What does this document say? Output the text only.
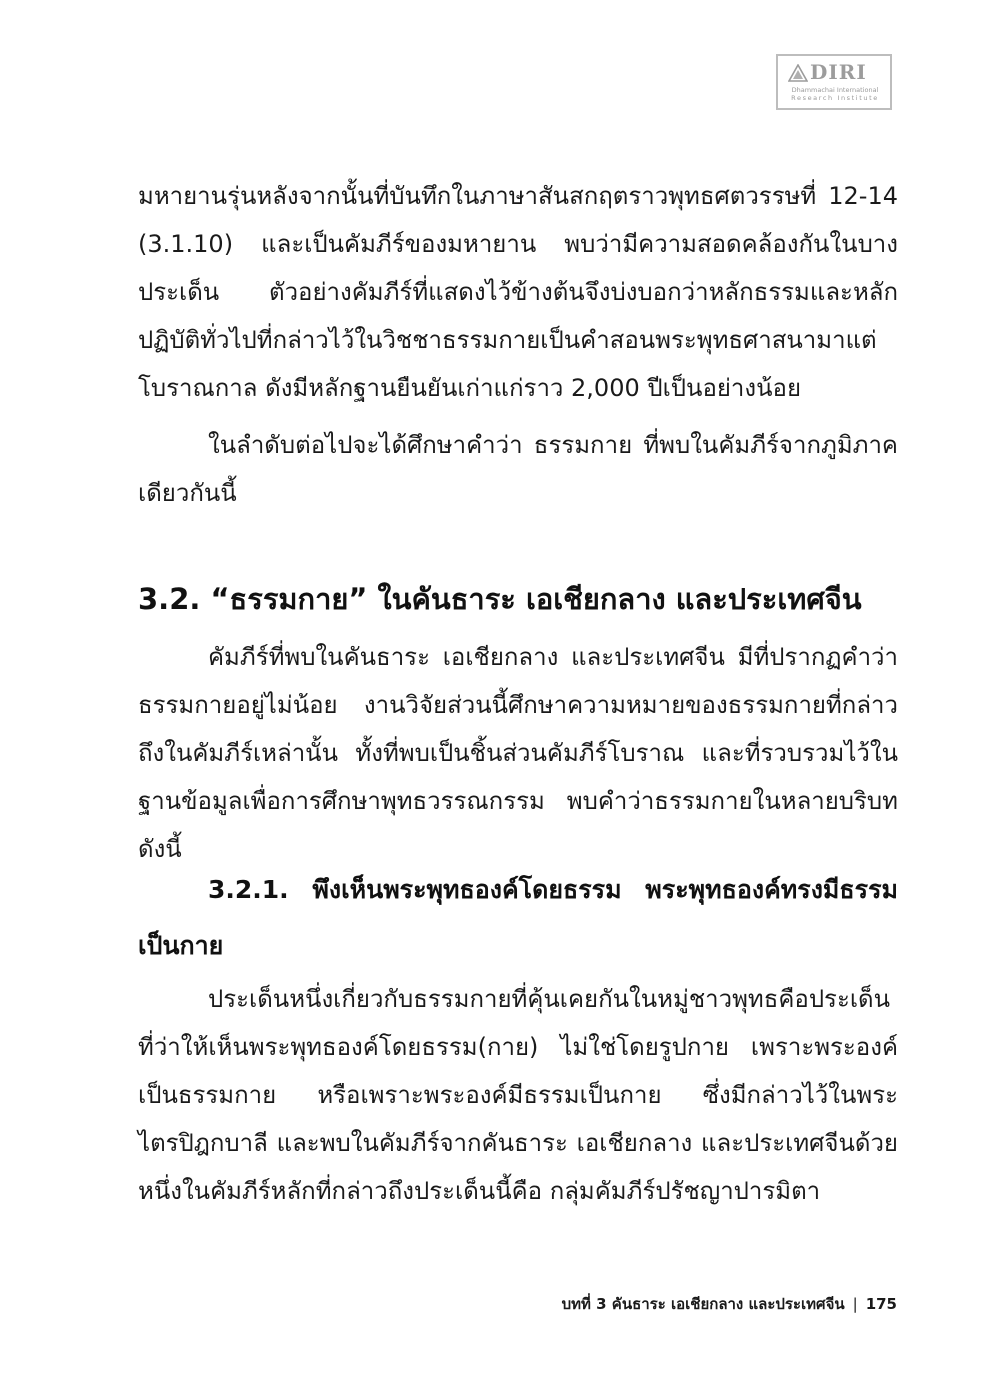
DIRI
Dhammachai International
Research Institute
มหายานรุ่นหลังจากนั้นที่บันทึกในภาษาสันสกฤตราวพุทธศตวรรษที่ 12-14 (3.1.10) และเป็นคัมภีร์ของมหายาน พบว่ามีความสอดคล้องกันในบางประเด็น ตัวอย่างคัมภีร์ที่แสดงไว้ข้างต้นจึงบ่งบอกว่าหลักธรรมและหลักปฏิบัติทั่วไปที่กล่าวไว้ในวิชชาธรรมกายเป็นคำสอนพระพุทธศาสนามาแต่โบราณกาล ดังมีหลักฐานยืนยันเก่าแก่ราว 2,000 ปีเป็นอย่างน้อย
ในลำดับต่อไปจะได้ศึกษาคำว่า ธรรมกาย ที่พบในคัมภีร์จากภูมิภาคเดียวกันนี้
3.2. “ธรรมกาย” ในคันธาระ เอเชียกลาง และประเทศจีน
คัมภีร์ที่พบในคันธาระ เอเชียกลาง และประเทศจีน มีที่ปรากฏคำว่าธรรมกายอยู่ไม่น้อย งานวิจัยส่วนนี้ศึกษาความหมายของธรรมกายที่กล่าวถึงในคัมภีร์เหล่านั้น ทั้งที่พบเป็นชิ้นส่วนคัมภีร์โบราณ และที่รวบรวมไว้ในฐานข้อมูลเพื่อการศึกษาพุทธวรรณกรรม พบคำว่าธรรมกายในหลายบริบทดังนี้
3.2.1. พึงเห็นพระพุทธองค์โดยธรรม พระพุทธองค์ทรงมีธรรมเป็นกาย
ประเด็นหนึ่งเกี่ยวกับธรรมกายที่คุ้นเคยกันในหมู่ชาวพุทธคือประเด็นที่ว่าให้เห็นพระพุทธองค์โดยธรรม(กาย) ไม่ใช่โดยรูปกาย เพราะพระองค์เป็นธรรมกาย หรือเพราะพระองค์มีธรรมเป็นกาย ซึ่งมีกล่าวไว้ในพระไตรปิฎกบาลี และพบในคัมภีร์จากคันธาระ เอเชียกลาง และประเทศจีนด้วย หนึ่งในคัมภีร์หลักที่กล่าวถึงประเด็นนี้คือ กลุ่มคัมภีร์ปรัชญาปารมิตา
บทที่ 3 คันธาระ เอเชียกลาง และประเทศจีน | 175
